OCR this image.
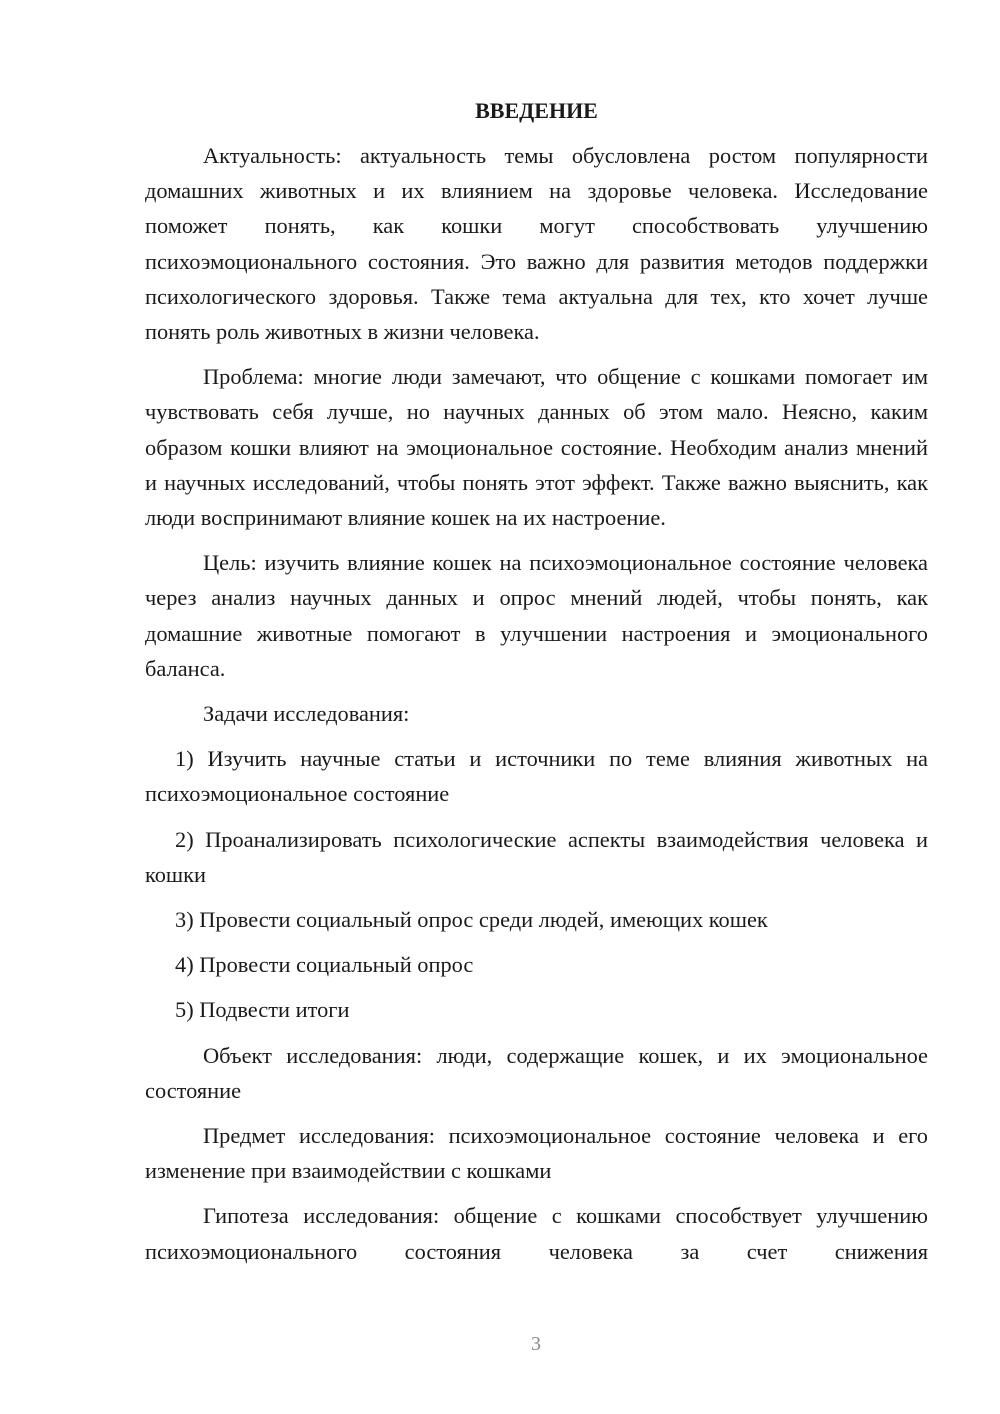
ВВЕДЕНИЕ

Актуальность: актуальность темы обусловлена ростом популярности домашних животных и их влиянием на здоровье человека. Исследование поможет понять, как кошки могут способствовать улучшению психоэмоционального состояния. Это важно для развития методов поддержки психологического здоровья. Также тема актуальна для тех, кто хочет лучше понять роль животных в жизни человека.

Проблема: многие люди замечают, что общение с кошками помогает им чувствовать себя лучше, но научных данных об этом мало. Неясно, каким образом кошки влияют на эмоциональное состояние. Необходим анализ мнений и научных исследований, чтобы понять этот эффект. Также важно выяснить, как люди воспринимают влияние кошек на их настроение.

Цель: изучить влияние кошек на психоэмоциональное состояние человека через анализ научных данных и опрос мнений людей, чтобы понять, как домашние животные помогают в улучшении настроения и эмоционального баланса.

Задачи исследования:

1) Изучить научные статьи и источники по теме влияния животных на психоэмоциональное состояние

2) Проанализировать психологические аспекты взаимодействия человека и кошки

3) Провести социальный опрос среди людей, имеющих кошек

4) Провести социальный опрос

5) Подвести итоги

Объект исследования: люди, содержащие кошек, и их эмоциональное состояние

Предмет исследования: психоэмоциональное состояние человека и его изменение при взаимодействии с кошками

Гипотеза исследования: общение с кошками способствует улучшению психоэмоционального состояния человека за счет снижения

3
